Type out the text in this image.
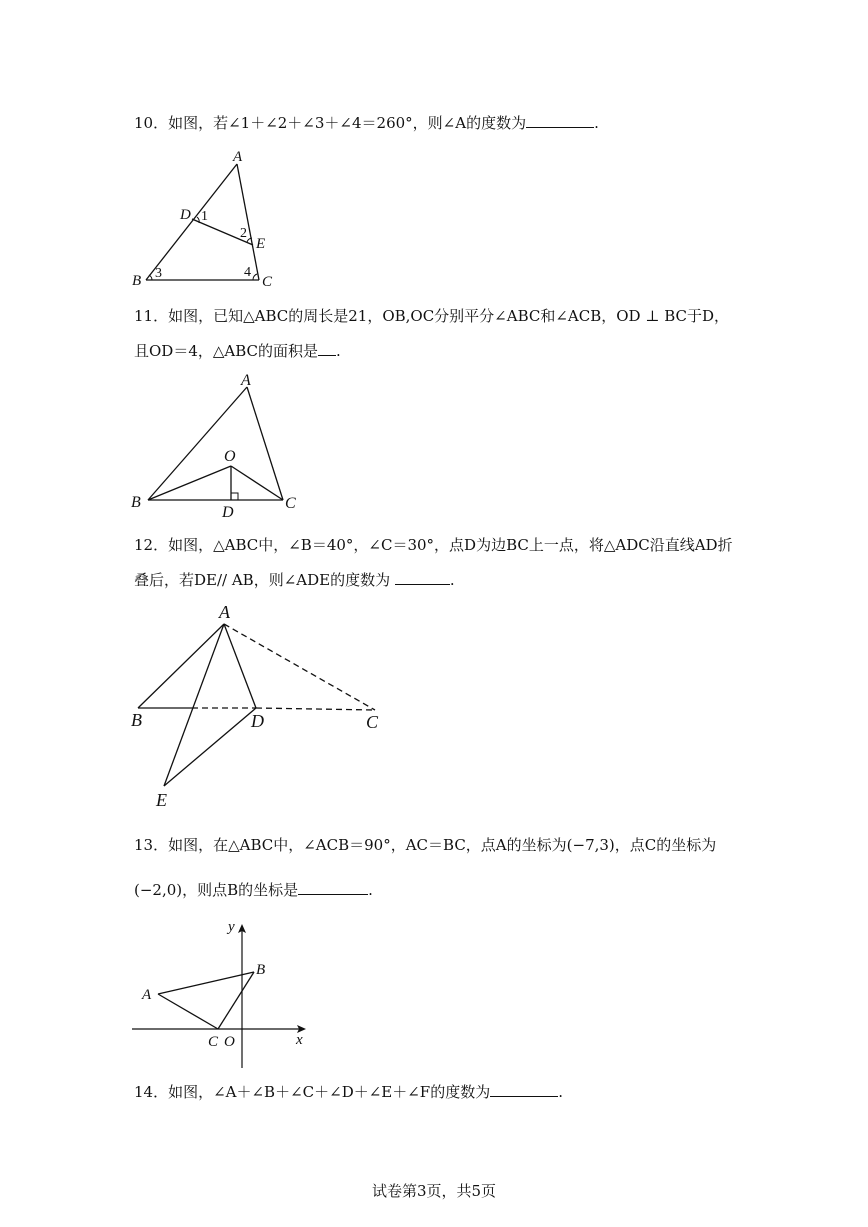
10．如图，若∠1＋∠2＋∠3＋∠4＝260°，则∠A的度数为	.
A
D 1
2
E
B 3	4
C
11．如图，已知△ABC的周长是21，OB,OC分别平分∠ABC和∠ACB，OD ⊥ BC于D，
且OD＝4，△ABC的面积是 .
A
O
B	C
D
12．如图，△ABC中，∠B＝40°，∠C＝30°，点D为边BC上一点，将△ADC沿直线AD折
叠后，若DE// AB，则∠ADE的度数为	.
A
B	D	C
E
13．如图，在△ABC中，∠ACB＝90°，AC＝BC，点A的坐标为(−7,3)，点C的坐标为
(−2,0)，则点B的坐标是	.
y
B
A
C O	x
14．如图，∠A＋∠B＋∠C＋∠D＋∠E＋∠F的度数为	.
试卷第3页，共5页
